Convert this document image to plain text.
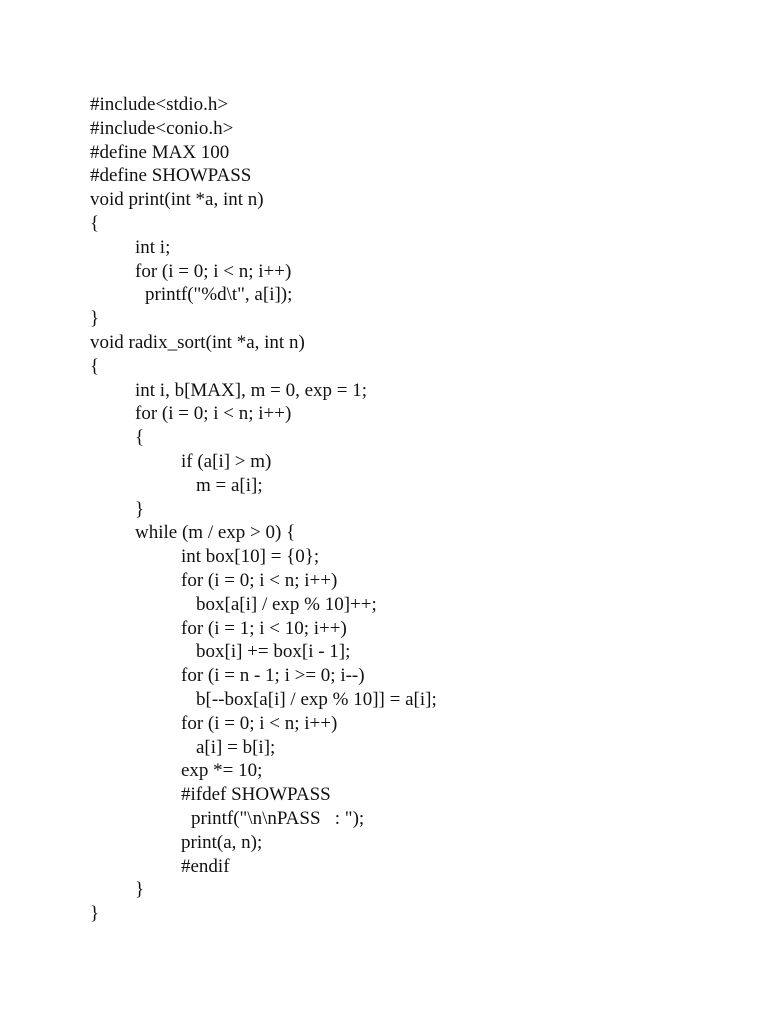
#include<stdio.h>
#include<conio.h>
#define MAX 100
#define SHOWPASS
void print(int *a, int n)
{
int i;
for (i = 0; i < n; i++)
printf("%d\t", a[i]);
}
void radix_sort(int *a, int n)
{
int i, b[MAX], m = 0, exp = 1;
for (i = 0; i < n; i++)
{
if (a[i] > m)
m = a[i];
}
while (m / exp > 0) {
int box[10] = {0};
for (i = 0; i < n; i++)
box[a[i] / exp % 10]++;
for (i = 1; i < 10; i++)
box[i] += box[i - 1];
for (i = n - 1; i >= 0; i--)
b[--box[a[i] / exp % 10]] = a[i];
for (i = 0; i < n; i++)
a[i] = b[i];
exp *= 10;
#ifdef SHOWPASS
printf("\n\nPASS   : ");
print(a, n);
#endif
}
}
